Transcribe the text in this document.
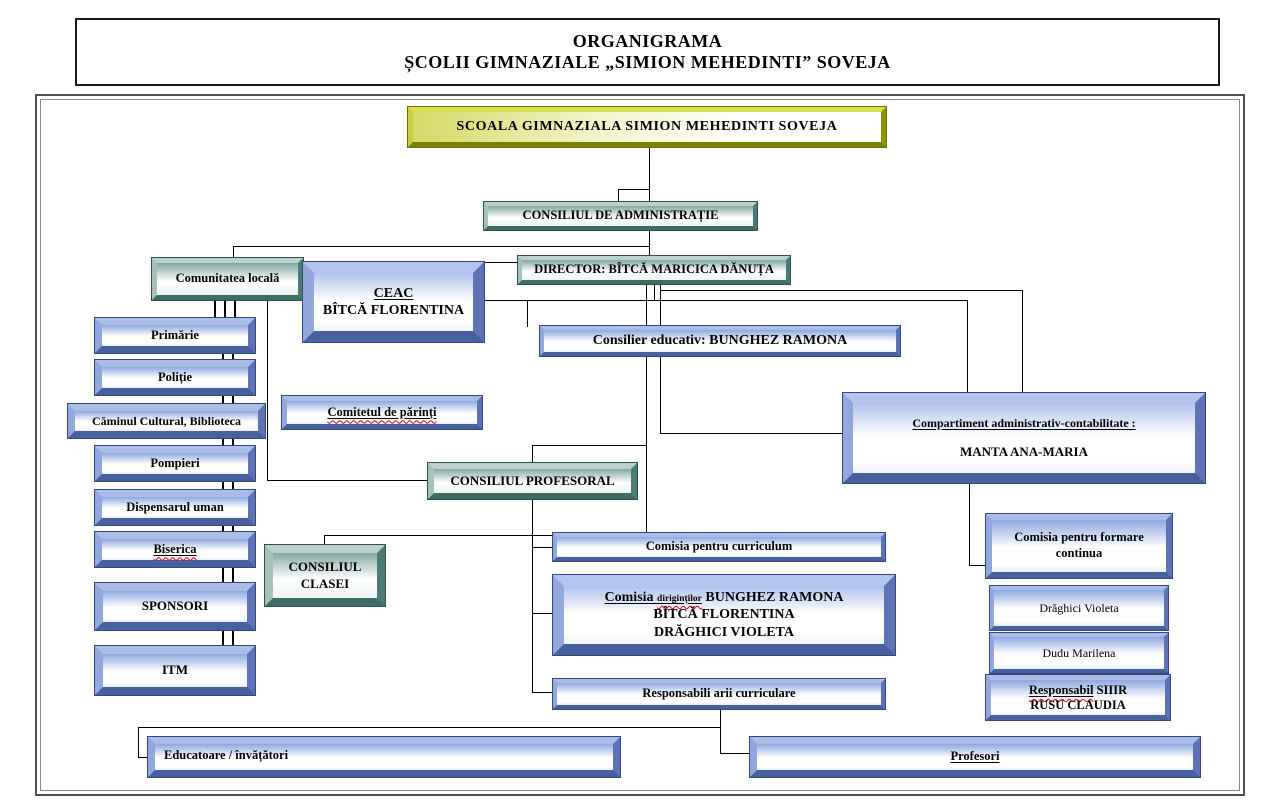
ORGANIGRAMA
ȘCOLII GIMNAZIALE „SIMION MEHEDINTI” SOVEJA
SCOALA GIMNAZIALA SIMION MEHEDINTI SOVEJA
CONSILIUL DE ADMINISTRAȚIE
DIRECTOR: BÎTCĂ MARICICA DĂNUȚA
Comunitatea locală
CEAC
BÎTCĂ FLORENTINA
Consilier educativ: BUNGHEZ RAMONA
Primărie
Poliție
Căminul Cultural, Biblioteca
Pompieri
Dispensarul uman
Biserica
SPONSORI
ITM
Comitetul de părinți
CONSILIUL PROFESORAL
CONSILIUL
CLASEI
Comisia pentru curriculum
Comisia diriginților BUNGHEZ RAMONA
BÎTCĂ FLORENTINA
DRĂGHICI VIOLETA
Responsabili arii curriculare
Compartiment administrativ-contabilitate :
MANTA ANA-MARIA
Comisia pentru formare continua
Drăghici Violeta
Dudu Marilena
Responsabil SIIIR
RUSU CLAUDIA
Educatoare / învățători	Profesori
